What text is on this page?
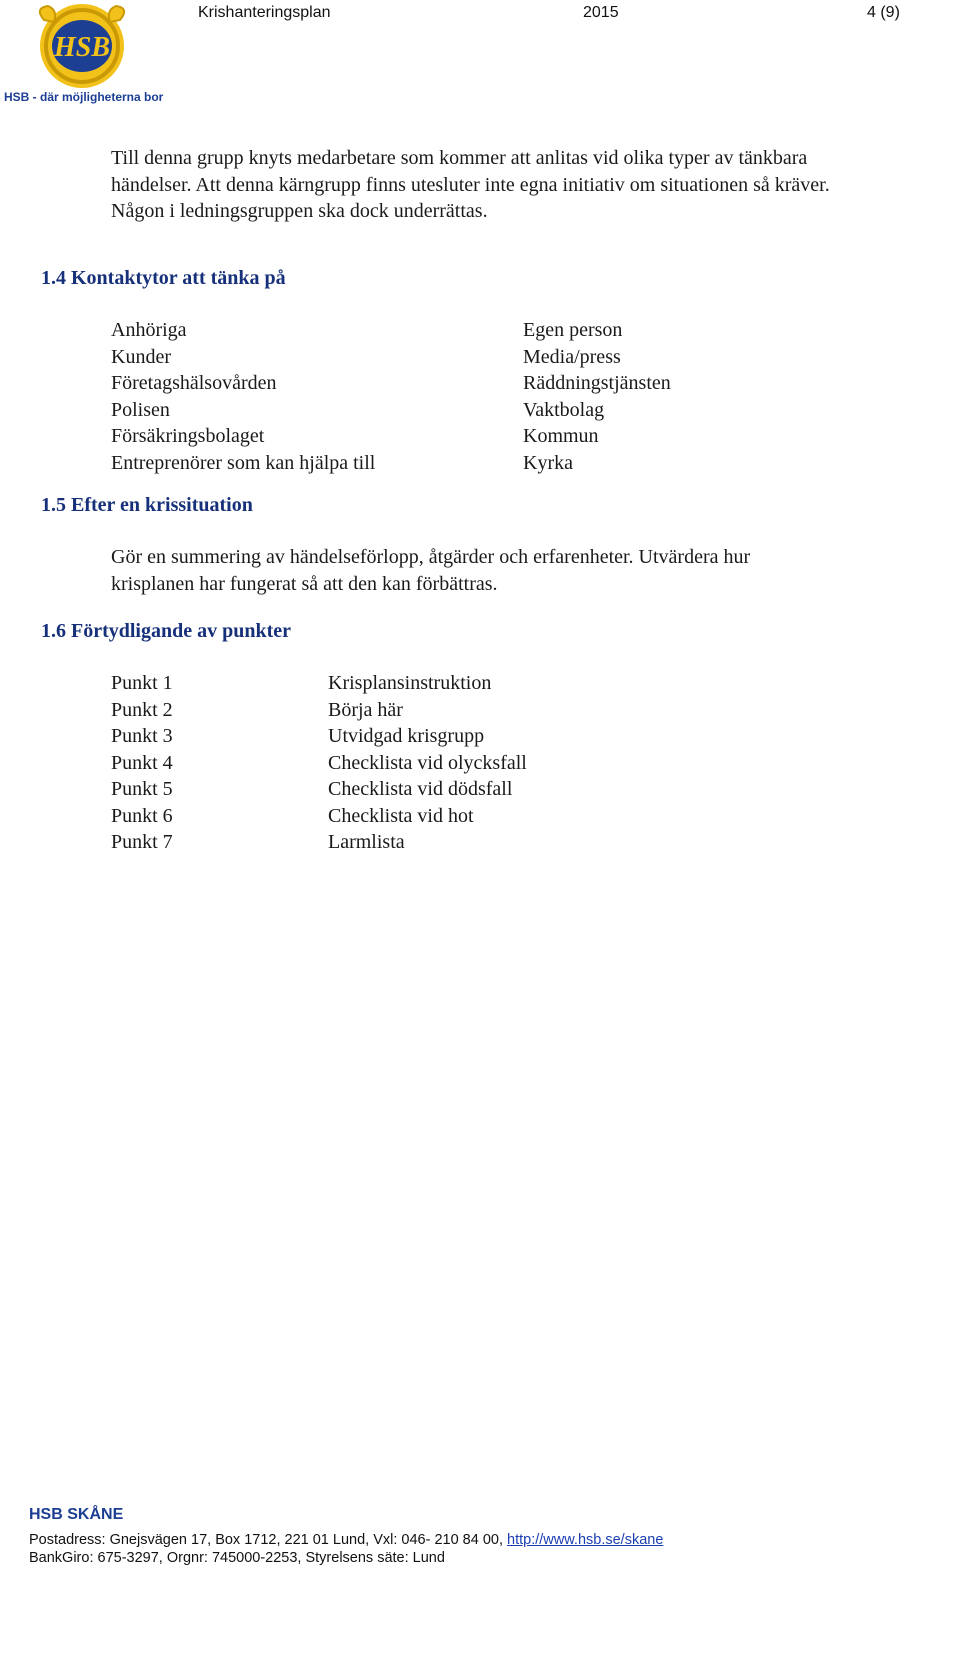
HSB
HSB - där möjligheterna bor
Krishanteringsplan	2015	4 (9)
Till denna grupp knyts medarbetare som kommer att anlitas vid olika typer av tänkbara
händelser. Att denna kärngrupp finns utesluter inte egna initiativ om situationen så kräver.
Någon i ledningsgruppen ska dock underrättas.
1.4 Kontaktytor att tänka på
Anhöriga
Kunder
Företagshälsovården
Polisen
Försäkringsbolaget
Entreprenörer som kan hjälpa till
Egen person
Media/press
Räddningstjänsten
Vaktbolag
Kommun
Kyrka
1.5 Efter en krissituation
Gör en summering av händelseförlopp, åtgärder och erfarenheter. Utvärdera hur
krisplanen har fungerat så att den kan förbättras.
1.6 Förtydligande av punkter
Punkt 1
Punkt 2
Punkt 3
Punkt 4
Punkt 5
Punkt 6
Punkt 7
Krisplansinstruktion
Börja här
Utvidgad krisgrupp
Checklista vid olycksfall
Checklista vid dödsfall
Checklista vid hot
Larmlista
HSB SKÅNE
Postadress: Gnejsvägen 17, Box 1712, 221 01 Lund, Vxl: 046- 210 84 00, http://www.hsb.se/skane
BankGiro: 675-3297, Orgnr: 745000-2253, Styrelsens säte: Lund
